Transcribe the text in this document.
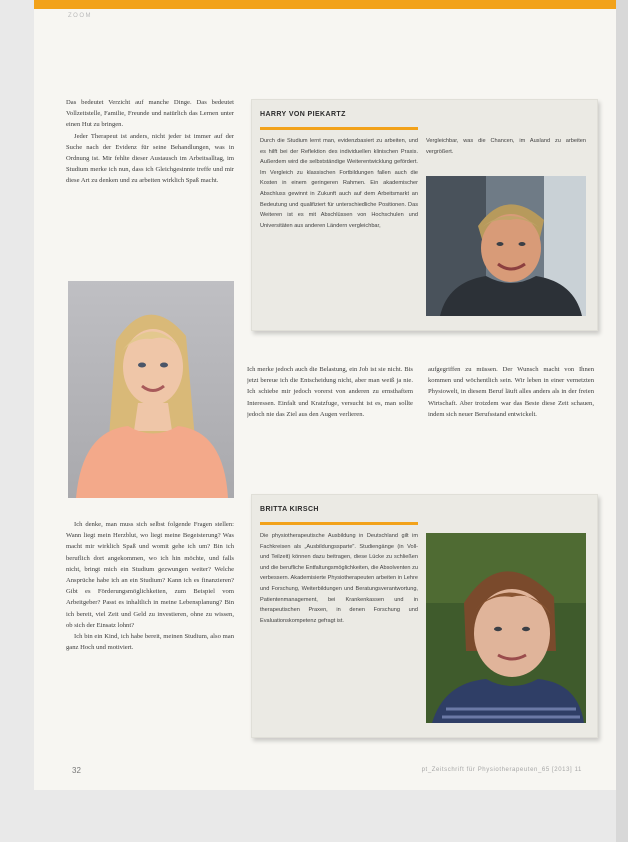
ZOOM

Das bedeutet Verzicht auf manche Dinge. Das bedeutet Vollzeitstelle, Familie, Freunde und natürlich das Lernen unter einen Hut zu bringen.

Jeder Therapeut ist anders, nicht jeder ist immer auf der Suche nach der Evidenz für seine Behandlungen, was in Ordnung ist. Mir fehlte dieser Austausch im Arbeitsalltag, im Studium merke ich nun, dass ich Gleichgesinnte treffe und mir diese Art zu denken und zu arbeiten wirklich Spaß macht.

Ich denke, man muss sich selbst folgende Fragen stellen: Wann liegt mein Herzblut, wo liegt meine Begeisterung? Was macht mir wirklich Spaß und womit gehe ich um? Bin ich beruflich dort angekommen, wo ich hin möchte, und falls nicht, bringt mich ein Studium gezwungen weiter? Welche Ansprüche habe ich an ein Studium? Kann ich es finanzieren? Gibt es Förderungsmöglichkeiten, zum Beispiel vom Arbeitgeber? Passt es inhaltlich in meine Lebensplanung? Bin ich bereit, viel Zeit und Geld zu investieren, ohne zu wissen, ob sich der Einsatz lohnt?

Ich bin ein Kind, ich habe bereit, meinen Studium, also man ganz Hoch und motiviert.

HARRY VON PIEKARTZ
Durch die Studium lernt man, evidenzbasiert zu arbeiten, und es hilft bei der Reflektion des individuellen klinischen Praxis. Außerdem wird die selbstständige Weiterentwicklung gefördert. Im Vergleich zu klassischen Fortbildungen fallen auch die Kosten in einem geringeren Rahmen. Ein akademischer Abschluss gewinnt in Zukunft auch auf dem Arbeitsmarkt an Bedeutung und qualifiziert für unterschiedliche Positionen. Das Weiteren ist es mit Abschlüssen von Hochschulen und Universitäten aus anderen Ländern vergleichbar,
Vergleichbar, was die Chancen, im Ausland zu arbeiten vergrößert.

Ich merke jedoch auch die Belastung, ein Job ist sie nicht. Bis jetzt bereue ich die Entscheidung nicht, aber man weiß ja nie. Ich schiebe mir jedoch vorerst von anderen zu ernsthaftem Interessen. Einfalt und Kratzfuge, versucht ist es, man sollte jedoch nie das Ziel aus den Augen verlieren.

aufgegriffen zu müssen. Der Wunsch macht von Ihnen kommen und wöchentlich sein. Wir leben in einer vernetzten Physiowelt, in diesem Beruf läuft alles anders als in der freien Wirtschaft. Aber trotzdem war das Beste diese Zeit schauen, indem sich neuer Berufsstand entwickelt.

BRITTA KIRSCH
Die physiotherapeutische Ausbildung in Deutschland gilt im Fachkreisen als „Ausbildungssparte". Studiengänge (in Voll- und Teilzeit) können dazu beitragen, diese Lücke zu schließen und die berufliche Entfaltungsmöglichkeiten, die Absolventen zu verbessern. Akademisierte Physiotherapeuten arbeiten in Lehre und Forschung, Weiterbildungen und Beratungsverantwortung, Patientenmanagement, bei Krankenkassen und in therapeutischen Praxen, in denen Forschung und Evaluationskompetenz gefragt ist.
32	pt_Zeitschrift für Physiotherapeuten_65 [2013] 11
